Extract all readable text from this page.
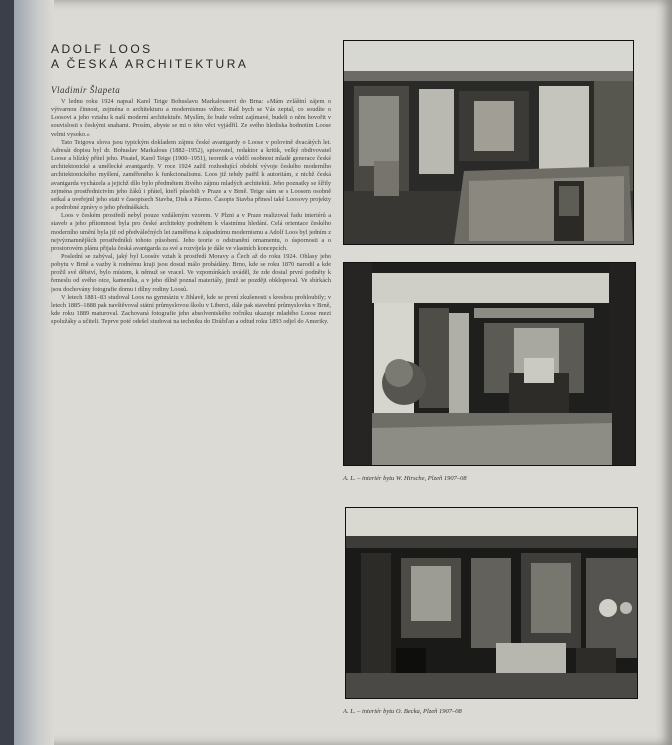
ADOLF LOOS
A ČESKÁ ARCHITEKTURA
Vladimír Šlapeta

V lednu roku 1924 napsal Karel Teige Bohuslavu Markalousovi do Brna: »Mám zvláštní zájem o výtvarnou činnost, zejména o architekturu a modernismus vůbec. Rád bych se Vás zeptal, co soudíte o Loosovi a jeho vztahu k naší moderní architektuře. Myslím, že bude velmi zajímavé, budeli o něm hovořit v souvislosti s českými snahami. Prosím, abyste se mi o této věci vyjádřil. Ze svého hlediska hodnotím Loose velmi vysoko.«

Tato Teigova slova jsou typickým dokladem zájmu české avantgardy o Loose v polovině dvacátých let. Adresát dopisu byl dr. Bohuslav Markalous (1882–1952), spisovatel, redaktor a kritik, velký obdivovatel Loose a blízký přítel jeho. Pisatel, Karel Teige (1900–1951), teoretik a vůdčí osobnost mladé generace české architektonické a umělecké avantgardy. V roce 1924 zažil rozhodující období vývoje českého moderního architektonického myšlení, zaměřeného k funkcionalismu. Loos již tehdy patřil k autoritám, z nichž česká avantgarda vycházela a jejichž dílo bylo předmětem živého zájmu mladých architektů. Jeho poznatky se šířily zejména prostřednictvím jeho žáků i přátel, kteří působili v Praze a v Brně. Teige sám se s Loosem osobně setkal a uveřejnil jeho stati v časopisech Stavba, Disk a Pásmo. Časopis Stavba přinesl také Loosovy projekty a podrobné zprávy o jeho přednáškách.

Loos v českém prostředí nebyl pouze vzdáleným vzorem. V Plzni a v Praze realizoval řadu interiérů a staveb a jeho přítomnost byla pro české architekty podnětem k vlastnímu hledání. Celá orientace českého moderního umění byla již od předválečných let zaměřena k západnímu modernismu a Adolf Loos byl jedním z nejvýznamnějších prostředníků tohoto působení. Jeho teorie o odstranění ornamentu, o úspornosti a o prostorovém plánu přijala česká avantgarda za své a rozvíjela je dále ve vlastních koncepcích.

Poslední se zabýval, jaký byl Loosův vztah k prostředí Moravy a Čech až do roku 1924. Ohlasy jeho pobytu v Brně a vazby k rodnému kraji jsou dosud málo probádány. Brno, kde se roku 1870 narodil a kde prožil své dětství, bylo místem, k němuž se vracel. Ve vzpomínkách uváděl, že zde dostal první podněty k řemeslu od svého otce, kameníka, a v jeho dílně poznal materiály, jimiž se později obklopoval. Ve sbírkách jsou dochovány fotografie domu i dílny rodiny Loosů.

V letech 1881–83 studoval Loos na gymnáziu v Jihlavě, kde se první zkušenosti s kresbou prohloubily; v letech 1885–1888 pak navštěvoval státní průmyslovou školu v Liberci, dále pak stavební průmyslovku v Brně, kde roku 1889 maturoval. Zachovaná fotografie jeho absolventského ročníku ukazuje mladého Loose mezi spolužáky a učiteli. Teprve poté odešel studovat na techniku do Drážďan a odtud roku 1893 odjel do Ameriky.

A. L. – interiér bytu W. Hirsche, Plzeň 1907–08
A. L. – interiér bytu O. Becka, Plzeň 1907–08
